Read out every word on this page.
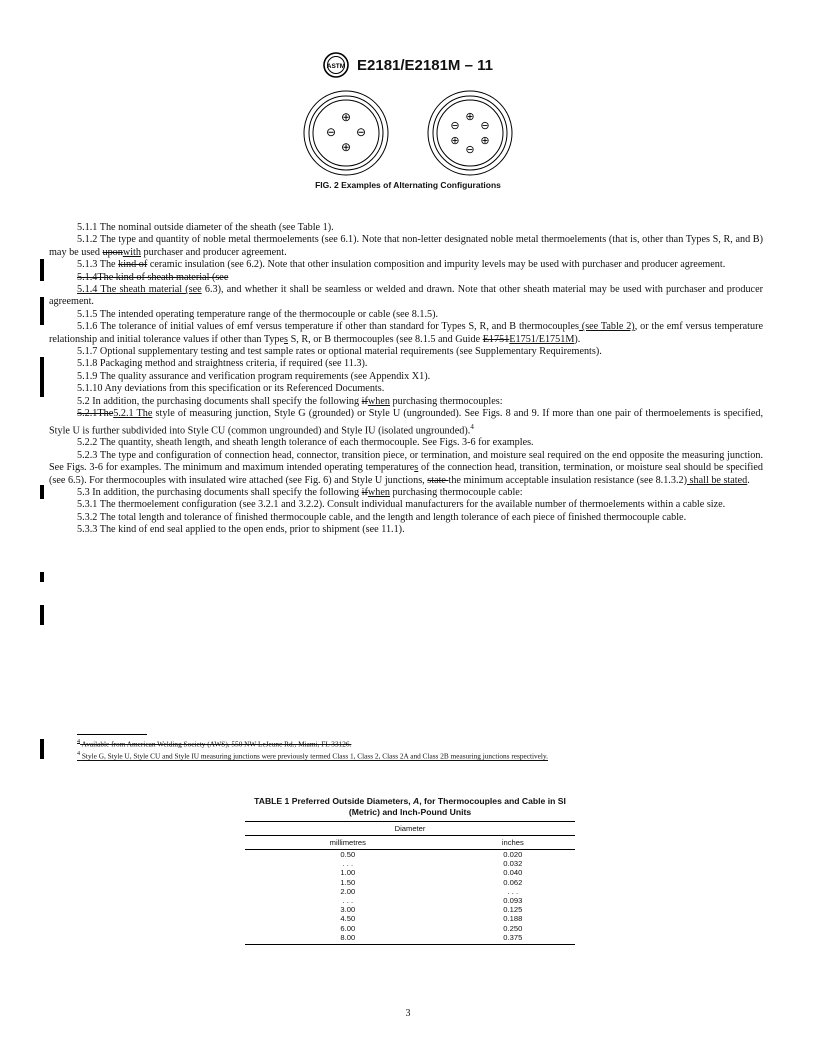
ASTM E2181/E2181M – 11
⊕
⊖ ⊖
⊕
⊕
⊖
⊕
⊖
⊕
⊖
FIG. 2 Examples of Alternating Configurations

5.1.1 The nominal outside diameter of the sheath (see Table 1).

5.1.2 The type and quantity of noble metal thermoelements (see 6.1). Note that non-letter designated noble metal thermoelements (that is, other than Types S, R, and B) may be used uponwith purchaser and producer agreement.

5.1.3 The kind of ceramic insulation (see 6.2). Note that other insulation composition and impurity levels may be used with purchaser and producer agreement.

5.1.4The kind of sheath material (see

5.1.4 The sheath material (see 6.3), and whether it shall be seamless or welded and drawn. Note that other sheath material may be used with purchaser and producer agreement.

5.1.5 The intended operating temperature range of the thermocouple or cable (see 8.1.5).

5.1.6 The tolerance of initial values of emf versus temperature if other than standard for Types S, R, and B thermocouples (see Table 2), or the emf versus temperature relationship and initial tolerance values if other than Types S, R, or B thermocouples (see 8.1.5 and Guide E1751E1751/E1751M).

5.1.7 Optional supplementary testing and test sample rates or optional material requirements (see Supplementary Requirements).

5.1.8 Packaging method and straightness criteria, if required (see 11.3).

5.1.9 The quality assurance and verification program requirements (see Appendix X1).

5.1.10 Any deviations from this specification or its Referenced Documents.

5.2 In addition, the purchasing documents shall specify the following ifwhen purchasing thermocouples:

5.2.1The5.2.1 The style of measuring junction, Style G (grounded) or Style U (ungrounded). See Figs. 8 and 9. If more than one pair of thermoelements is specified, Style U is further subdivided into Style CU (common ungrounded) and Style IU (isolated ungrounded).$^4$

5.2.2 The quantity, sheath length, and sheath length tolerance of each thermocouple. See Figs. 3-6 for examples.

5.2.3 The type and configuration of connection head, connector, transition piece, or termination, and moisture seal required on the end opposite the measuring junction. See Figs. 3-6 for examples. The minimum and maximum intended operating temperatures of the connection head, transition, termination, or moisture seal should be specified (see 6.5). For thermocouples with insulated wire attached (see Fig. 6) and Style U junctions, state the minimum acceptable insulation resistance (see 8.1.3.2) shall be stated.

5.3 In addition, the purchasing documents shall specify the following ifwhen purchasing thermocouple cable:

5.3.1 The thermoelement configuration (see 3.2.1 and 3.2.2). Consult individual manufacturers for the available number of thermoelements within a cable size.

5.3.2 The total length and tolerance of finished thermocouple cable, and the length and length tolerance of each piece of finished thermocouple cable.

5.3.3 The kind of end seal applied to the open ends, prior to shipment (see 11.1).

$^4$ Available from American Welding Society (AWS), 550 NW LeJeune Rd., Miami, FL 33126.
$^4$ Style G, Style U, Style CU and Style IU measuring junctions were previously termed Class 1, Class 2, Class 2A and Class 2B measuring junctions respectively.
TABLE 1 Preferred Outside Diameters, A, for Thermocouples and Cable in SI (Metric) and Inch-Pound Units
Diameter	
millimetres	inches
0.50	0.020
. . .	0.032
1.00	0.040
1.50	0.062
2.00	. . .
. . .	0.093
3.00	0.125
4.50	0.188
6.00	0.250
8.00	0.375
3
